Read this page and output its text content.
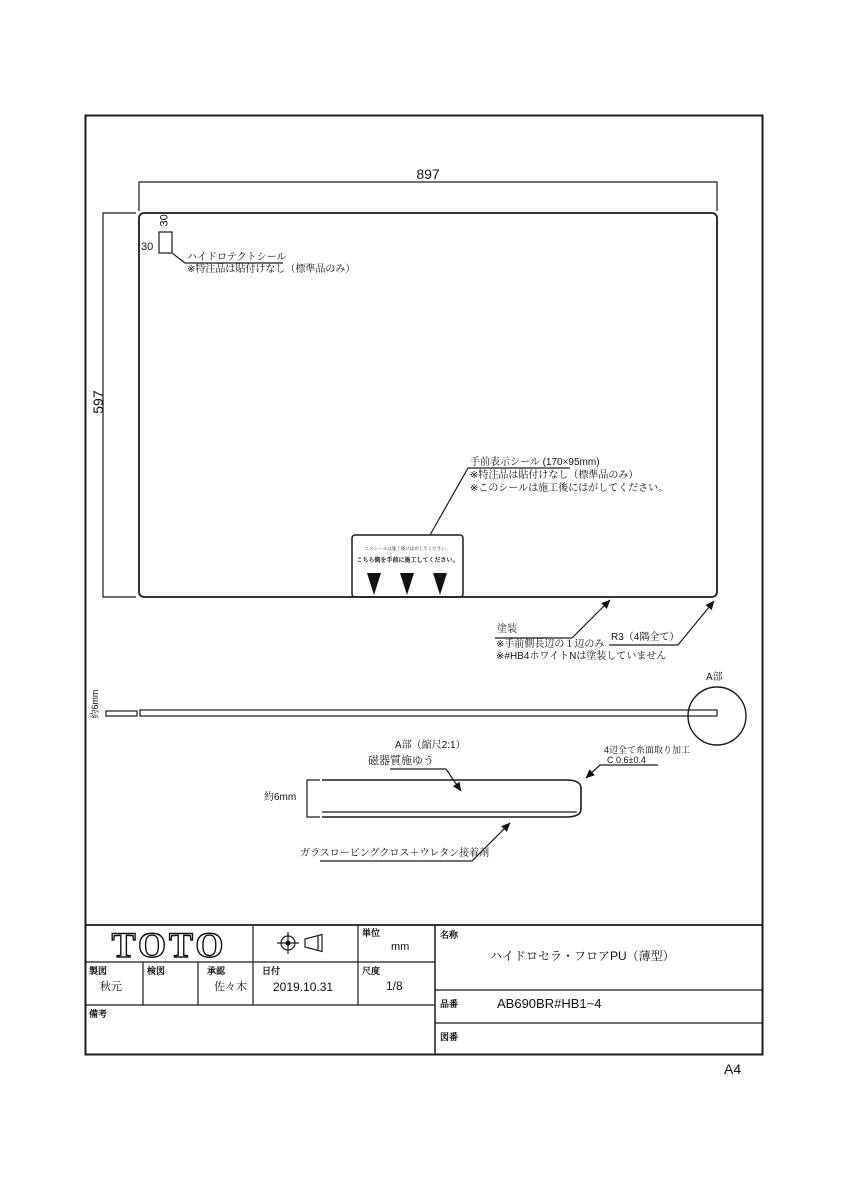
TOTO
897
597
30
30
ハイドロテクトシール
※特注品は貼付けなし（標準品のみ）
手前表示シール (170×95mm)
※特注品は貼付けなし（標準品のみ）
※このシールは施工後にはがしてください。
このシールは施工後にはがしてください。
こちら側を手前に施工してください。
塗装
※手前側長辺の１辺のみ
※#HB4ホワイトNは塗装していません
R3（4隅全て）
約6mm
A部
A部（縮尺2:1）
磁器質施ゆう
約6mm
4辺全て糸面取り加工
C 0.6±0.4
ガラスロービングクロス＋ウレタン接着剤
製図
秋元
検図	承認
佐々木
日付
2019.10.31
単位
mm
尺度
1/8
備考
名称
ハイドロセラ・フロアPU（薄型）
品番	AB690BR#HB1~4
図番
A4
